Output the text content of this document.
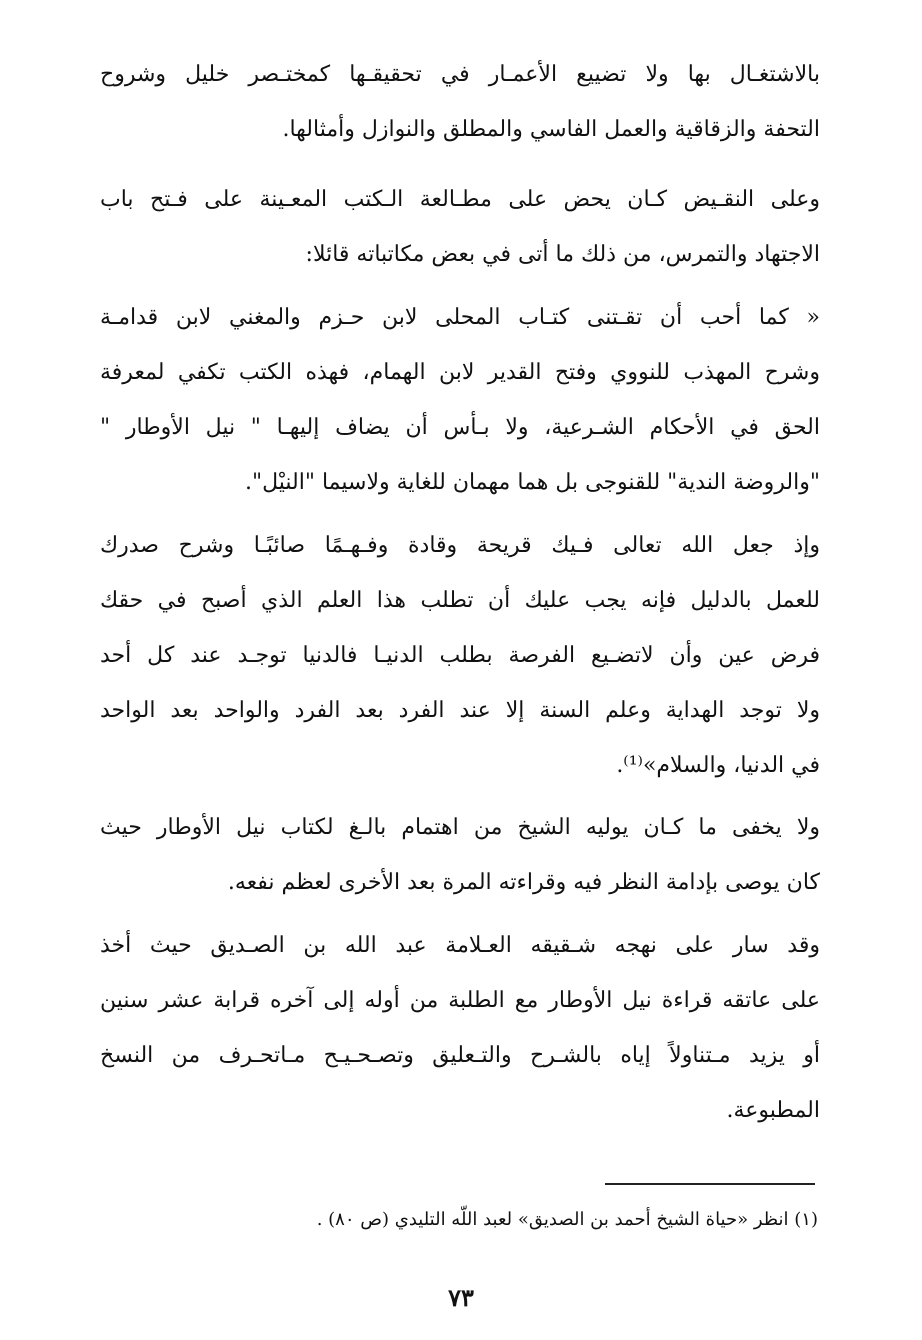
بالاشتغـال بها ولا تضييع الأعمـار في تحقيقـها كمختـصر خليل وشروح
التحفة والزقاقية والعمل الفاسي والمطلق والنوازل وأمثالها.
وعلى النقـيض كـان يحض على مطـالعة الـكتب المعـينة على فـتح باب
الاجتهاد والتمرس، من ذلك ما أتى في بعض مكاتباته قائلا:
« كما أحب أن تقـتنى كتـاب المحلى لابن حـزم والمغني لابن قدامـة
وشرح المهذب للنووي وفتح القدير لابن الهمام، فهذه الكتب تكفي لمعرفة
الحق في الأحكام الشـرعية، ولا بـأس أن يضاف إليهـا " نيل الأوطار "
"والروضة الندية" للقنوجى بل هما مهمان للغاية ولاسيما "النيْل".
وإذ جعل الله تعالى فـيك قريحة وقادة وفـهـمًا صائبًـا وشرح صدرك
للعمل بالدليل فإنه يجب عليك أن تطلب هذا العلم الذي أصبح في حقك
فرض عين وأن لاتضـيع الفرصة بطلب الدنيـا فالدنيا توجـد عند كل أحد
ولا توجد الهداية وعلم السنة إلا عند الفرد بعد الفرد والواحد بعد الواحد
في الدنيا، والسلام»⁽¹⁾.
ولا يخفى ما كـان يوليه الشيخ من اهتمام بالـغ لكتاب نيل الأوطار حيث
كان يوصى بإدامة النظر فيه وقراءته المرة بعد الأخرى لعظم نفعه.
وقد سار على نهجه شـقيقه العـلامة عبد الله بن الصـديق حيث أخذ
على عاتقه قراءة نيل الأوطار مع الطلبة من أوله إلى آخره قرابة عشر سنين
أو يزيد مـتناولاً إياه بالشـرح والتـعليق وتصـحـيـح مـاتحـرف من النسخ
المطبوعة.
(١) انظر «حياة الشيخ أحمد بن الصديق» لعبد اللّه التليدي (ص ٨٠) .
٧٣
